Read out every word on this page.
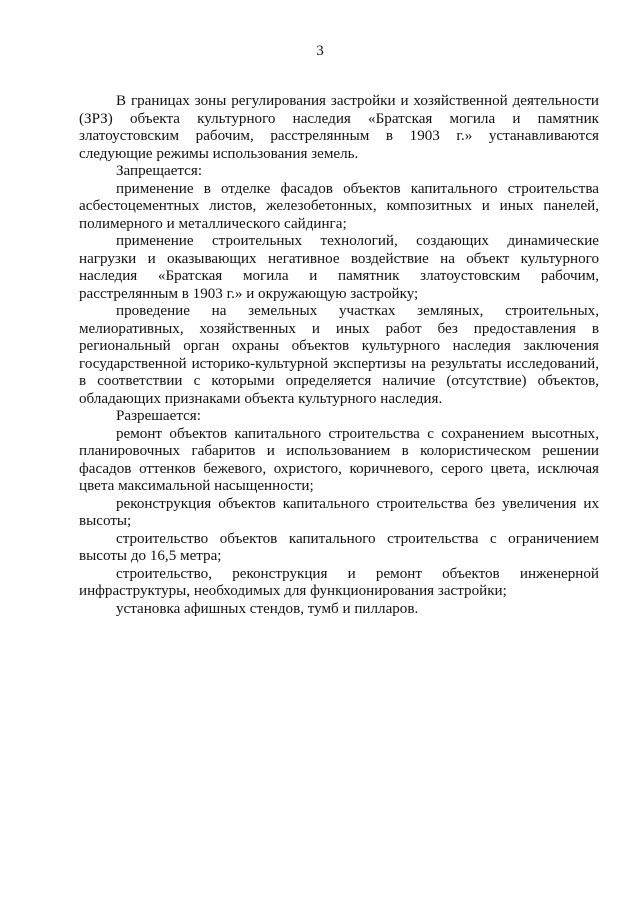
3

В границах зоны регулирования застройки и хозяйственной деятельности (ЗРЗ) объекта культурного наследия «Братская могила и памятник златоустовским рабочим, расстрелянным в 1903 г.» устанавливаются следующие режимы использования земель.

Запрещается:

применение в отделке фасадов объектов капитального строительства асбестоцементных листов, железобетонных, композитных и иных панелей, полимерного и металлического сайдинга;

применение строительных технологий, создающих динамические нагрузки и оказывающих негативное воздействие на объект культурного наследия «Братская могила и памятник златоустовским рабочим, расстрелянным в 1903 г.» и окружающую застройку;

проведение на земельных участках земляных, строительных, мелиоративных, хозяйственных и иных работ без предоставления в региональный орган охраны объектов культурного наследия заключения государственной историко-культурной экспертизы на результаты исследований, в соответствии с которыми определяется наличие (отсутствие) объектов, обладающих признаками объекта культурного наследия.

Разрешается:

ремонт объектов капитального строительства с сохранением высотных, планировочных габаритов и использованием в колористическом решении фасадов оттенков бежевого, охристого, коричневого, серого цвета, исключая цвета максимальной насыщенности;

реконструкция объектов капитального строительства без увеличения их высоты;

строительство объектов капитального строительства с ограничением высоты до 16,5 метра;

строительство, реконструкция и ремонт объектов инженерной инфраструктуры, необходимых для функционирования застройки;

установка афишных стендов, тумб и пилларов.
